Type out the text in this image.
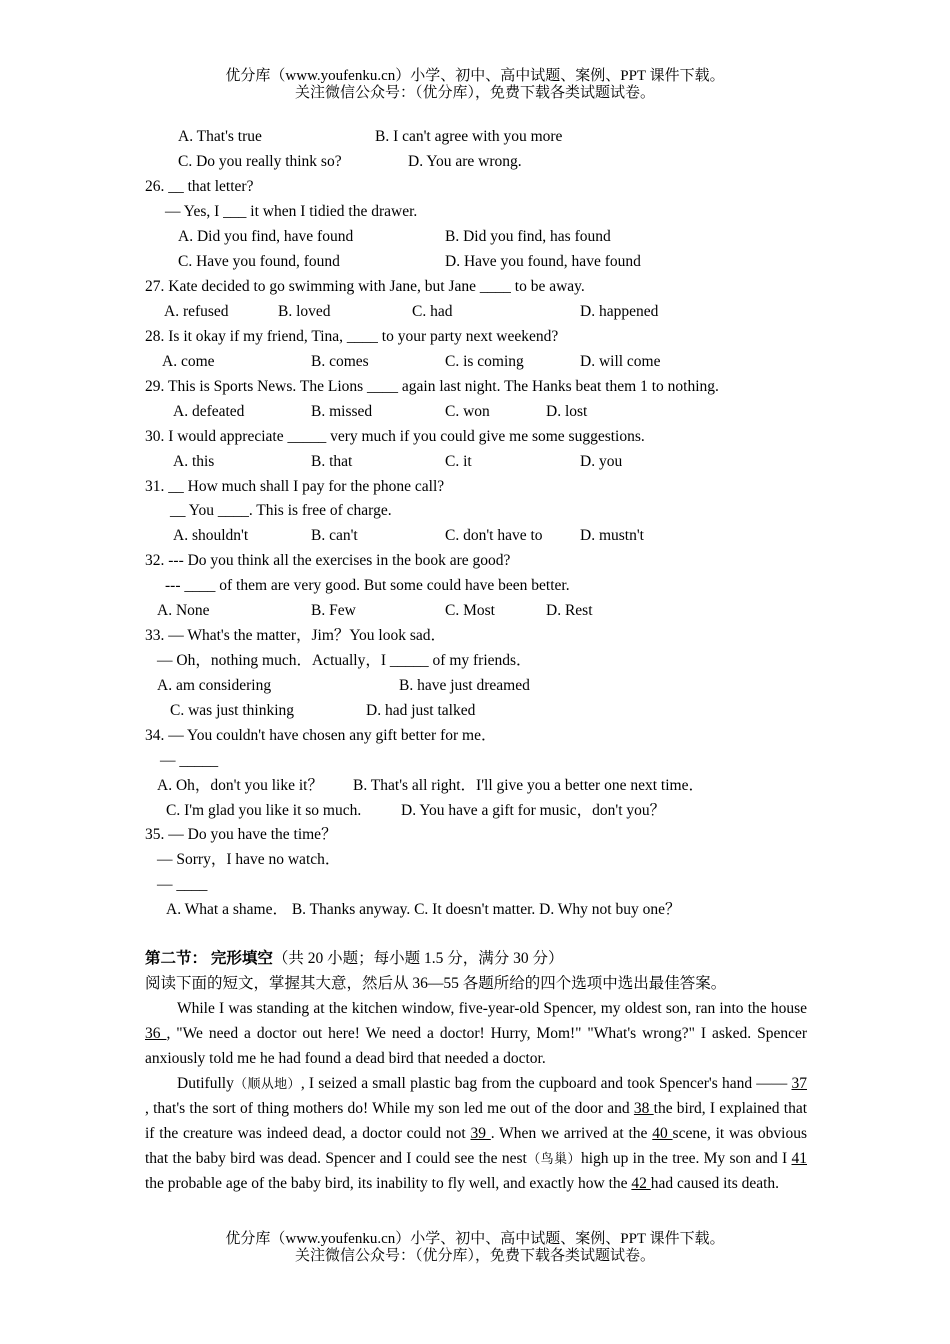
优分库（www.youfenku.cn）小学、初中、高中试题、案例、PPT 课件下载。
关注微信公众号：（优分库），免费下载各类试题试卷。
A. That's true	B. I can't agree with you more
C. Do you really think so?	D. You are wrong.
26. __ that letter?
— Yes, I ___ it when I tidied the drawer.
A. Did you find, have found	B. Did you find, has found
C. Have you found, found	D. Have you found, have found
27. Kate decided to go swimming with Jane, but Jane ____ to be away.
A. refused	B. loved	C. had	D. happened
28. Is it okay if my friend, Tina, ____ to your party next weekend?
A. come	B. comes	C. is coming	D. will come
29. This is Sports News. The Lions ____ again last night. The Hanks beat them 1 to nothing.
A. defeated	B. missed	C. won	D. lost
30. I would appreciate _____ very much if you could give me some suggestions.
A. this	B. that	C. it	D. you
31. __ How much shall I pay for the phone call?
__ You ____. This is free of charge.
A. shouldn't	B. can't	C. don't have to D. mustn't
32. --- Do you think all the exercises in the book are good?
--- ____ of them are very good. But some could have been better.
A. None	B. Few	C. Most	D. Rest
33. — What's the matter，Jim？You look sad．
— Oh，nothing much．Actually，I _____ of my friends．
A. am considering	B. have just dreamed
C. was just thinking	D. had just talked
34. — You couldn't have chosen any gift better for me．
— _____
A. Oh，don't you like it？ B. That's all right．I'll give you a better one next time．
C. I'm glad you like it so much.	D. You have a gift for music，don't you？
35. — Do you have the time？
— Sorry，I have no watch．
— ____
A. What a shame． B. Thanks anyway. C. It doesn't matter. D. Why not buy one？
第二节： 完形填空（共 20 小题；每小题 1.5 分，满分 30 分）
阅读下面的短文，掌握其大意，然后从 36—55 各题所给的四个选项中选出最佳答案。
While I was standing at the kitchen window, five-year-old Spencer, my oldest son, ran into the house 36 , "We need a doctor out here! We need a doctor! Hurry, Mom!" "What's wrong?" I asked. Spencer anxiously told me he had found a dead bird that needed a doctor.
Dutifully（顺从地）, I seized a small plastic bag from the cupboard and took Spencer's hand —— 37 , that's the sort of thing mothers do! While my son led me out of the door and 38 the bird, I explained that if the creature was indeed dead, a doctor could not 39 . When we arrived at the 40 scene, it was obvious that the baby bird was dead. Spencer and I could see the nest（鸟巢）high up in the tree. My son and I 41 the probable age of the baby bird, its inability to fly well, and exactly how the 42 had caused its death.
优分库（www.youfenku.cn）小学、初中、高中试题、案例、PPT 课件下载。
关注微信公众号：（优分库），免费下载各类试题试卷。
